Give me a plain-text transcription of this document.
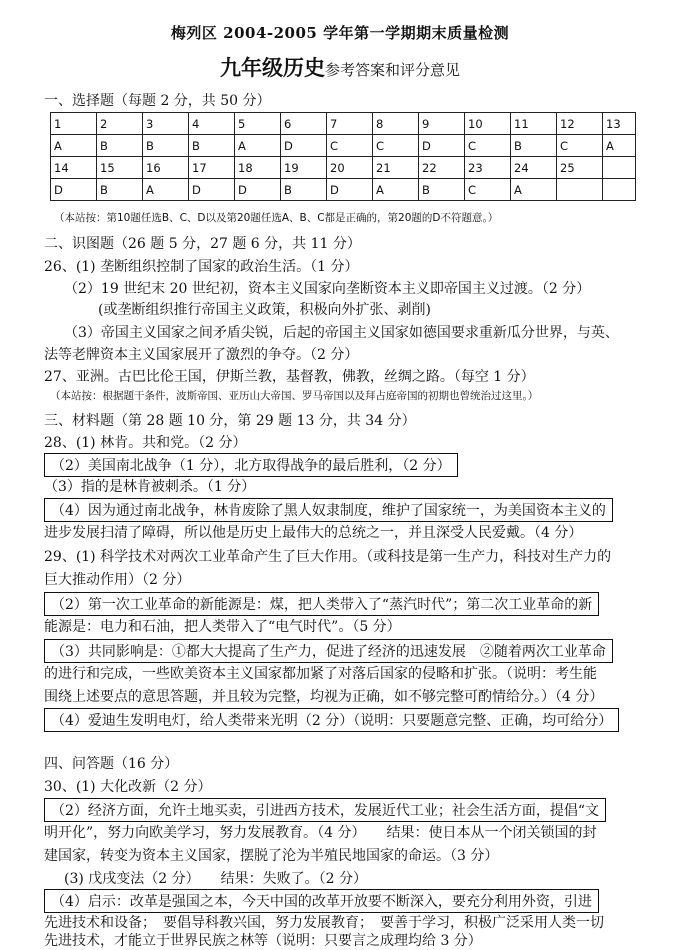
梅列区 2004-2005 学年第一学期期末质量检测
九年级历史参考答案和评分意见
一、选择题（每题 2 分，共 50 分）
1	2	3	4	5	6	7	8	9	10	11	12	13
A	B	B	B	A	D	C	C	D	C	B	C	A
14	15	16	17	18	19	20	21	22	23	24	25	
D	B	A	D	D	B	D	A	B	C	A		
（本站按：第10题任选B、C、D以及第20题任选A、B、C都是正确的，第20题的D不符题意。）
二、识图题（26 题 5 分，27 题 6 分，共 11 分）
26、(1) 垄断组织控制了国家的政治生活。（1 分）
（2）19 世纪末 20 世纪初，资本主义国家向垄断资本主义即帝国主义过渡。（2 分）
(或垄断组织推行帝国主义政策，积极向外扩张、剥削)
（3）帝国主义国家之间矛盾尖锐，后起的帝国主义国家如德国要求重新瓜分世界，与英、
法等老牌资本主义国家展开了激烈的争夺。（2 分）
27、亚洲。古巴比伦王国，伊斯兰教，基督教，佛教，丝绸之路。（每空 1 分）
（本站按：根据题干条件，波斯帝国、亚历山大帝国、罗马帝国以及拜占庭帝国的初期也曾统治过这里。）
三、材料题（第 28 题 10 分，第 29 题 13 分，共 34 分）
28、(1) 林肯。共和党。（2 分）
（2）美国南北战争（1 分），北方取得战争的最后胜利，（2 分）
（3）指的是林肯被刺杀。（1 分）
（4）因为通过南北战争，林肯废除了黑人奴隶制度，维护了国家统一，为美国资本主义的
进步发展扫清了障碍，所以他是历史上最伟大的总统之一，并且深受人民爱戴。（4 分）
29、(1) 科学技术对两次工业革命产生了巨大作用。（或科技是第一生产力，科技对生产力的
巨大推动作用）（2 分）
（2）第一次工业革命的新能源是：煤，把人类带入了“蒸汽时代”；第二次工业革命的新
能源是：电力和石油，把人类带入了“电气时代”。（5 分）
（3）共同影响是：①都大大提高了生产力，促进了经济的迅速发展　②随着两次工业革命
的进行和完成，一些欧美资本主义国家都加紧了对落后国家的侵略和扩张。（说明：考生能
围绕上述要点的意思答题，并且较为完整，均视为正确，如不够完整可酌情给分。）（4 分）
（4）爱迪生发明电灯，给人类带来光明（2 分）（说明：只要题意完整、正确，均可给分）
四、问答题（16 分）
30、(1) 大化改新（2 分）
（2）经济方面，允许土地买卖，引进西方技术，发展近代工业；社会生活方面，提倡“文
明开化”，努力向欧美学习，努力发展教育。（4 分）　　结果：使日本从一个闭关锁国的封
建国家，转变为资本主义国家，摆脱了沦为半殖民地国家的命运。（3 分）
(3) 戊戌变法（2 分）　　结果：失败了。（2 分）
（4）启示：改革是强国之本，今天中国的改革开放要不断深入，要充分利用外资，引进
先进技术和设备；　要倡导科教兴国，努力发展教育；　要善于学习，积极广泛采用人类一切
先进技术，才能立于世界民族之林等（说明：只要言之成理均给 3 分）
